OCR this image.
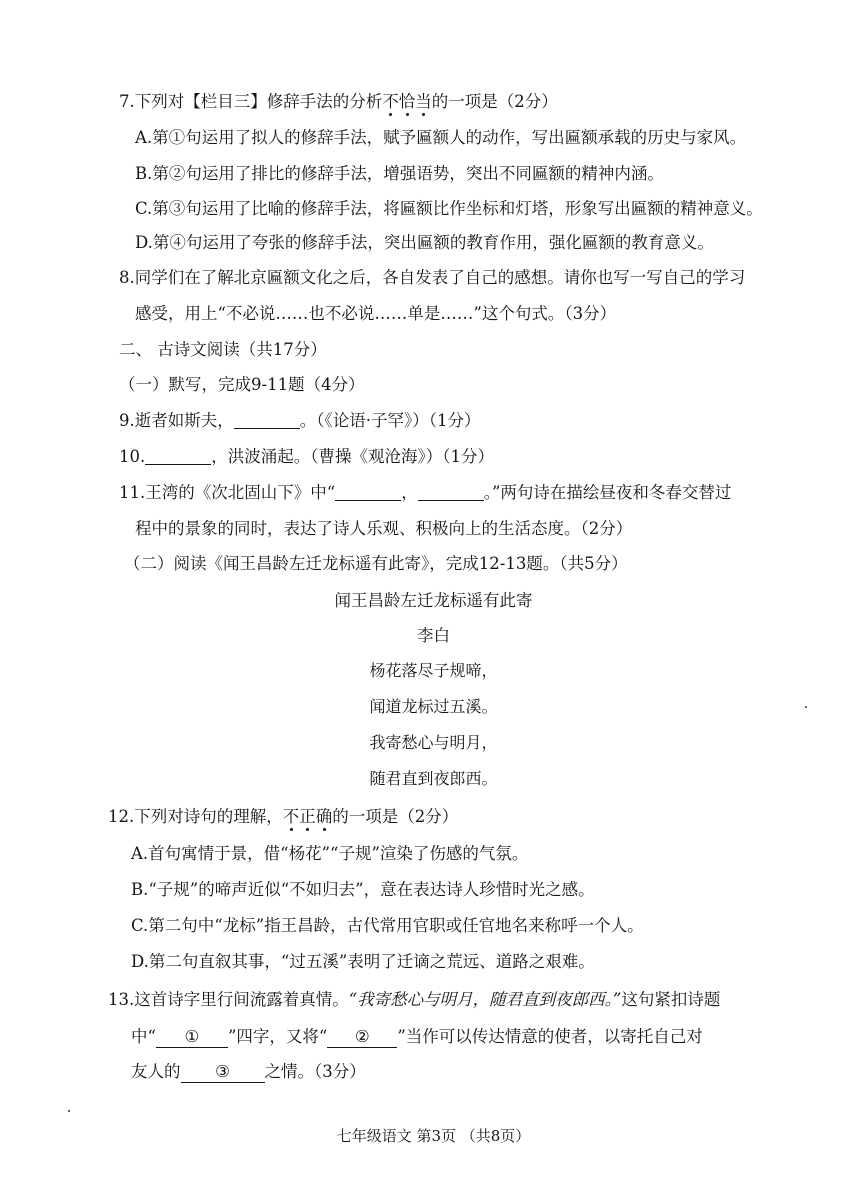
7.下列对【栏目三】修辞手法的分析不恰当的一项是（2分）
A.第①句运用了拟人的修辞手法，赋予匾额人的动作，写出匾额承载的历史与家风。
B.第②句运用了排比的修辞手法，增强语势，突出不同匾额的精神内涵。
C.第③句运用了比喻的修辞手法，将匾额比作坐标和灯塔，形象写出匾额的精神意义。
D.第④句运用了夸张的修辞手法，突出匾额的教育作用，强化匾额的教育意义。
8.同学们在了解北京匾额文化之后，各自发表了自己的感想。请你也写一写自己的学习
感受，用上“不必说……也不必说……单是……”这个句式。（3分）
二、 古诗文阅读（共17分）
（一）默写，完成9-11题（4分）
9.逝者如斯夫，	。（《论语·子罕》）（1分）
10.	，洪波涌起。（曹操《观沧海》）（1分）
11.王湾的《次北固山下》中“	，	。”两句诗在描绘昼夜和冬春交替过
程中的景象的同时，表达了诗人乐观、积极向上的生活态度。（2分）
（二）阅读《闻王昌龄左迁龙标遥有此寄》，完成12-13题。（共5分）
闻王昌龄左迁龙标遥有此寄
李白
杨花落尽子规啼，
闻道龙标过五溪。
我寄愁心与明月，
随君直到夜郎西。
12.下列对诗句的理解，不正确的一项是（2分）
A.首句寓情于景，借“杨花”“子规”渲染了伤感的气氛。
B.“子规”的啼声近似“不如归去”，意在表达诗人珍惜时光之感。
C.第二句中“龙标”指王昌龄，古代常用官职或任官地名来称呼一个人。
D.第二句直叙其事，“过五溪”表明了迁谪之荒远、道路之艰难。
13.这首诗字里行间流露着真情。“我寄愁心与明月，随君直到夜郎西。”这句紧扣诗题
中“ ① ”四字，又将“ ② ”当作可以传达情意的使者，以寄托自己对
友人的 ③ 之情。（3分）
七年级语文 第3页 （共8页）
